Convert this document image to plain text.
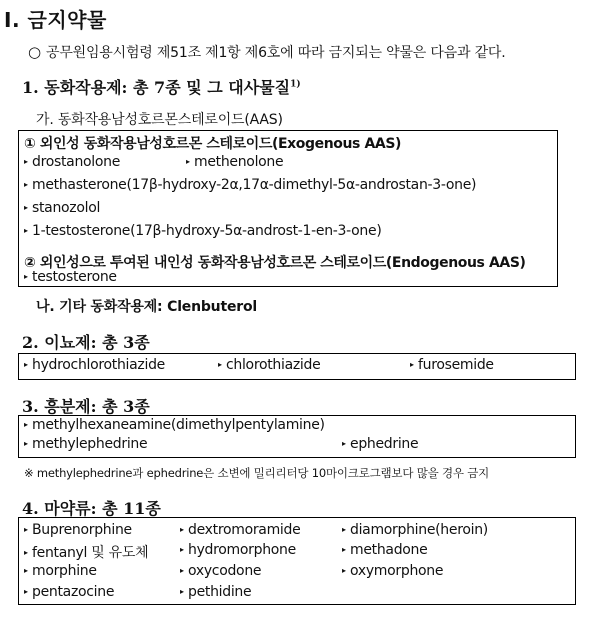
I. 금지약물
○ 공무원임용시험령 제51조 제1항 제6호에 따라 금지되는 약물은 다음과 같다.
1. 동화작용제: 총 7종 및 그 대사물질$^{1)}$
가. 동화작용남성호르몬스테로이드(AAS)
① 외인성 동화작용남성호르몬 스테로이드(Exogenous AAS)
▸ drostanolone	▸ methenolone
▸ methasterone(17β-hydroxy-2α,17α-dimethyl-5α-androstan-3-one)
▸ stanozolol
▸ 1-testosterone(17β-hydroxy-5α-androst-1-en-3-one)
② 외인성으로 투여된 내인성 동화작용남성호르몬 스테로이드(Endogenous AAS)
▸ testosterone
나. 기타 동화작용제: Clenbuterol
2. 이뇨제: 총 3종
▸ hydrochlorothiazide	▸ chlorothiazide	▸ furosemide
3. 흥분제: 총 3종
▸ methylhexaneamine(dimethylpentylamine)
▸ methylephedrine	▸ ephedrine
※ methylephedrine과 ephedrine은 소변에 밀리리터당 10마이크로그램보다 많을 경우 금지
4. 마약류: 총 11종
▸ Buprenorphine	▸ dextromoramide	▸ diamorphine(heroin)
▸ fentanyl 및 유도체	▸ hydromorphone	▸ methadone
▸ morphine	▸ oxycodone	▸ oxymorphone
▸ pentazocine	▸ pethidine
